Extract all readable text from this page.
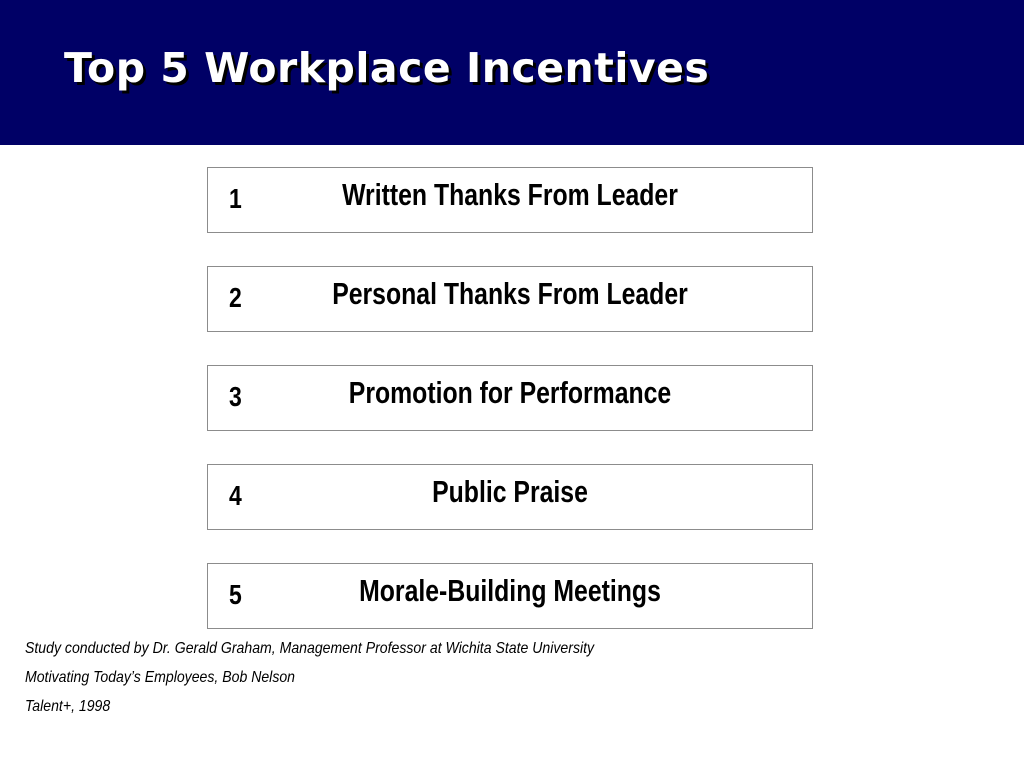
Top 5 Workplace Incentives
1	Written Thanks From Leader
2	Personal Thanks From Leader
3	Promotion for Performance
4	Public Praise
5	Morale-Building Meetings
Study conducted by Dr. Gerald Graham, Management Professor at Wichita State University
Motivating Today’s Employees, Bob Nelson
Talent+, 1998
